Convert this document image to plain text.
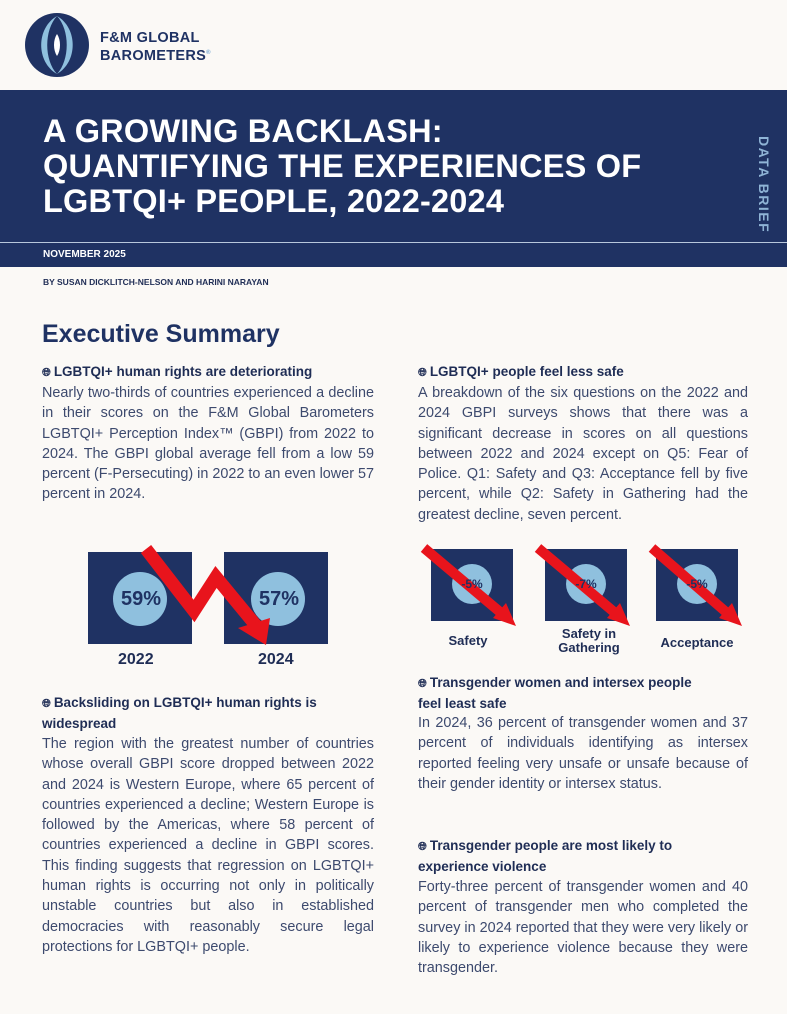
F&M GLOBAL
BAROMETERS®
A GROWING BACKLASH:
QUANTIFYING THE EXPERIENCES OF
LGBTQI+ PEOPLE, 2022-2024	DATA BRIEF
NOVEMBER 2025
BY SUSAN DICKLITCH-NELSON AND HARINI NARAYAN
Executive Summary
🌐︎ LGBTQI+ human rights are deteriorating
Nearly two-thirds of countries experienced a decline in their scores on the F&M Global Barometers LGBTQI+ Perception Index™ (GBPI) from 2022 to 2024. The GBPI global average fell from a low 59 percent (F-Persecuting) in 2022 to an even lower 57 percent in 2024.
59%	57%
2022	2024
🌐︎ Backsliding on LGBTQI+ human rights is
widespread
The region with the greatest number of countries whose overall GBPI score dropped between 2022 and 2024 is Western Europe, where 65 percent of countries experienced a decline; Western Europe is followed by the Americas, where 58 percent of countries experienced a decline in GBPI scores. This finding suggests that regression on LGBTQI+ human rights is occurring not only in politically unstable countries but also in established democracies with reasonably secure legal protections for LGBTQI+ people.
🌐︎ LGBTQI+ people feel less safe
A breakdown of the six questions on the 2022 and 2024 GBPI surveys shows that there was a significant decrease in scores on all questions between 2022 and 2024 except on Q5: Fear of Police. Q1: Safety and Q3: Acceptance fell by five percent, while Q2: Safety in Gathering had the greatest decline, seven percent.
-5%	-7%	-5%
Safety	Safety in
Gathering	Acceptance
🌐︎ Transgender women and intersex people
feel least safe
In 2024, 36 percent of transgender women and 37 percent of individuals identifying as intersex reported feeling very unsafe or unsafe because of their gender identity or intersex status.
🌐︎ Transgender people are most likely to
experience violence
Forty-three percent of transgender women and 40 percent of transgender men who completed the survey in 2024 reported that they were very likely or likely to experience violence because they were transgender.
